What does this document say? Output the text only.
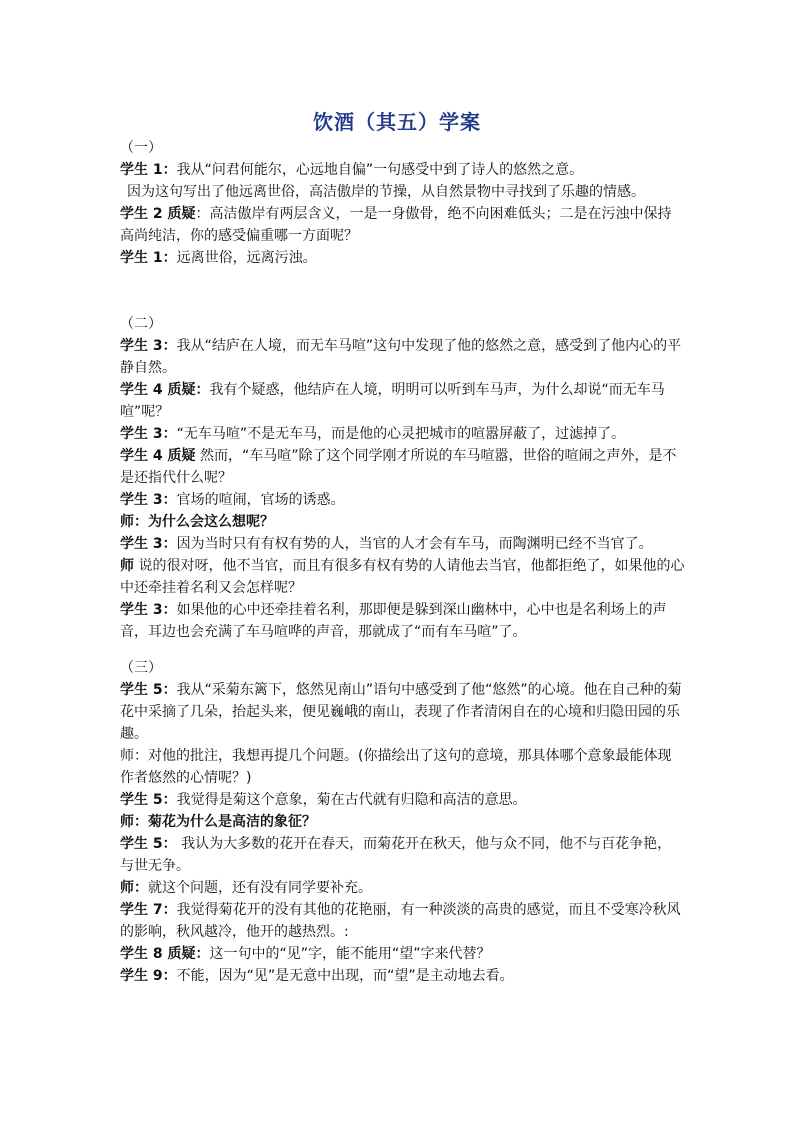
饮酒（其五）学案

（一）

学生 1：我从“问君何能尔，心远地自偏”一句感受中到了诗人的悠然之意。

因为这句写出了他远离世俗，高洁傲岸的节操，从自然景物中寻找到了乐趣的情感。

学生 2 质疑：高洁傲岸有两层含义，一是一身傲骨，绝不向困难低头；二是在污浊中保持高尚纯洁，你的感受偏重哪一方面呢？

学生 1：远离世俗，远离污浊。

（二）

学生 3：我从“结庐在人境，而无车马喧”这句中发现了他的悠然之意，感受到了他内心的平静自然。

学生 4 质疑：我有个疑惑，他结庐在人境，明明可以听到车马声，为什么却说“而无车马喧”呢？

学生 3：“无车马喧”不是无车马，而是他的心灵把城市的喧嚣屏蔽了，过滤掉了。

学生 4 质疑 然而，“车马喧”除了这个同学刚才所说的车马喧嚣，世俗的喧闹之声外，是不是还指代什么呢？

学生 3：官场的喧闹，官场的诱惑。

师：为什么会这么想呢？

学生 3：因为当时只有有权有势的人，当官的人才会有车马，而陶渊明已经不当官了。

师 说的很对呀，他不当官，而且有很多有权有势的人请他去当官，他都拒绝了，如果他的心中还牵挂着名利又会怎样呢？

学生 3：如果他的心中还牵挂着名利，那即便是躲到深山幽林中，心中也是名利场上的声音，耳边也会充满了车马喧哗的声音，那就成了“而有车马喧”了。

（三）

学生 5：我从“采菊东篱下，悠然见南山”语句中感受到了他“悠然”的心境。他在自己种的菊花中采摘了几朵，抬起头来，便见巍峨的南山，表现了作者清闲自在的心境和归隐田园的乐趣。

师：对他的批注，我想再提几个问题。(你描绘出了这句的意境，那具体哪个意象最能体现作者悠然的心情呢？)

学生 5：我觉得是菊这个意象，菊在古代就有归隐和高洁的意思。

师：菊花为什么是高洁的象征？

学生 5： 我认为大多数的花开在春天，而菊花开在秋天，他与众不同，他不与百花争艳，与世无争。

师：就这个问题，还有没有同学要补充。

学生 7：我觉得菊花开的没有其他的花艳丽，有一种淡淡的高贵的感觉，而且不受寒冷秋风的影响，秋风越冷，他开的越热烈。:

学生 8 质疑：这一句中的“见”字，能不能用“望”字来代替？

学生 9：不能，因为“见”是无意中出现，而“望”是主动地去看。
